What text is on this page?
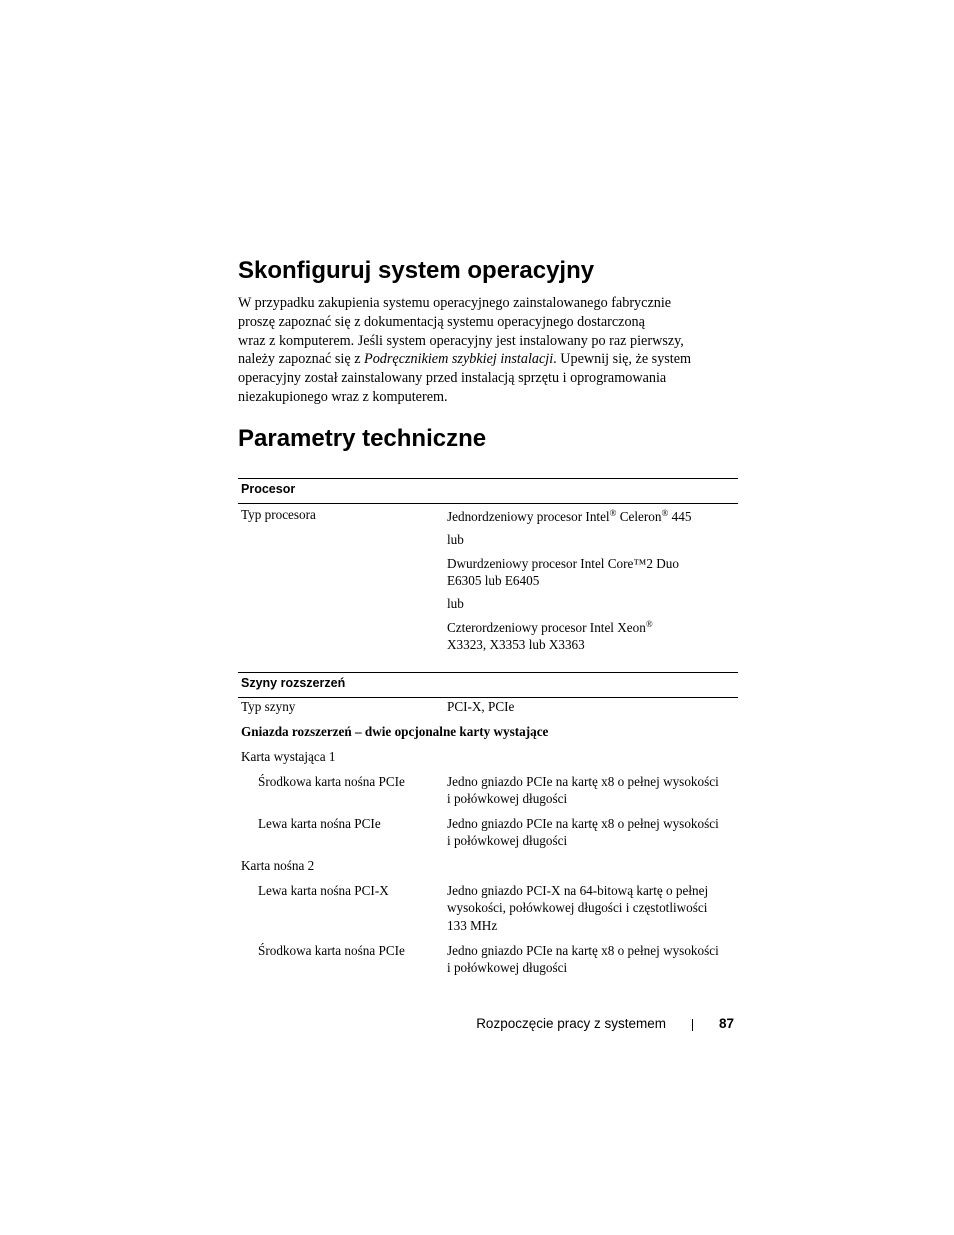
Skonfiguruj system operacyjny

W przypadku zakupienia systemu operacyjnego zainstalowanego fabrycznie
proszę zapoznać się z dokumentacją systemu operacyjnego dostarczoną
wraz z komputerem. Jeśli system operacyjny jest instalowany po raz pierwszy,
należy zapoznać się z Podręcznikiem szybkiej instalacji. Upewnij się, że system
operacyjny został zainstalowany przed instalacją sprzętu i oprogramowania
niezakupionego wraz z komputerem.

Parametry techniczne
Procesor
Typ procesora	Jednordzeniowy procesor Intel® Celeron® 445
lub
Dwurdzeniowy procesor Intel Core™2 Duo
E6305 lub E6405
lub
Czterordzeniowy procesor Intel Xeon®
X3323, X3353 lub X3363
Szyny rozszerzeń
Typ szyny	PCI-X, PCIe
Gniazda rozszerzeń – dwie opcjonalne karty wystające
Karta wystająca 1
Środkowa karta nośna PCIe	Jedno gniazdo PCIe na kartę x8 o pełnej wysokości
i połówkowej długości
Lewa karta nośna PCIe	Jedno gniazdo PCIe na kartę x8 o pełnej wysokości
i połówkowej długości
Karta nośna 2
Lewa karta nośna PCI-X	Jedno gniazdo PCI-X na 64-bitową kartę o pełnej
wysokości, połówkowej długości i częstotliwości
133 MHz
Środkowa karta nośna PCIe	Jedno gniazdo PCIe na kartę x8 o pełnej wysokości
i połówkowej długości
Rozpoczęcie pracy z systemem	87
